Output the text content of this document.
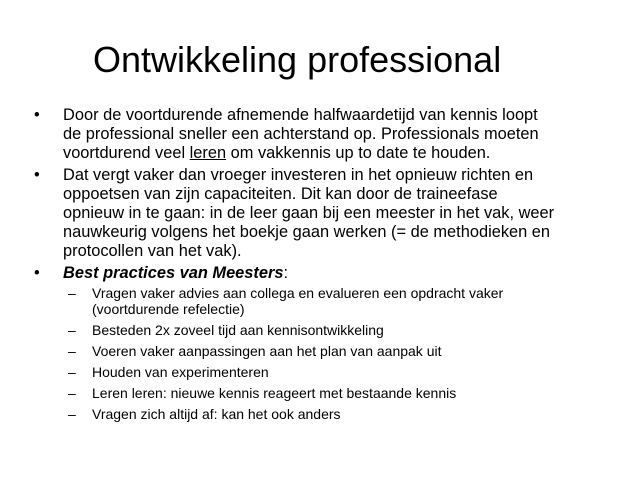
Ontwikkeling professional
•	Door de voortdurende afnemende halfwaardetijd van kennis loopt
de professional sneller een achterstand op. Professionals moeten
voortdurend veel leren om vakkennis up to date te houden.
•	Dat vergt vaker dan vroeger investeren in het opnieuw richten en
oppoetsen van zijn capaciteiten. Dit kan door de traineefase
opnieuw in te gaan: in de leer gaan bij een meester in het vak, weer
nauwkeurig volgens het boekje gaan werken (= de methodieken en
protocollen van het vak).
•	Best practices van Meesters:
–	Vragen vaker advies aan collega en evalueren een opdracht vaker
(voortdurende refelectie)
–	Besteden 2x zoveel tijd aan kennisontwikkeling
–	Voeren vaker aanpassingen aan het plan van aanpak uit
–	Houden van experimenteren
–	Leren leren: nieuwe kennis reageert met bestaande kennis
–	Vragen zich altijd af: kan het ook anders
